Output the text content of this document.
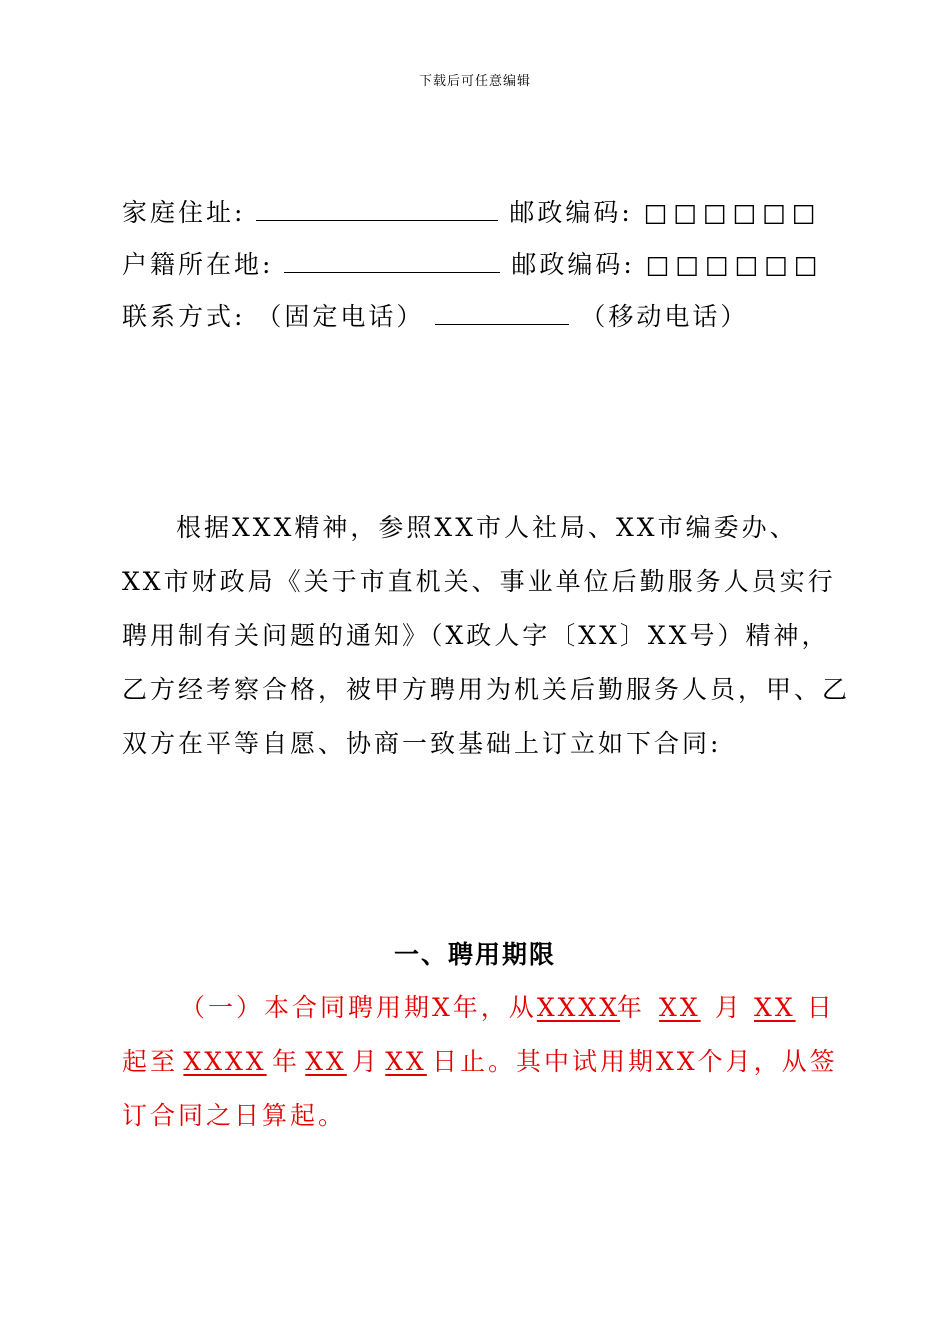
下载后可任意编辑
家庭住址:	邮政编码: □□□□□□
户籍所在地:	邮政编码: □□□□□□
联系方式: （固定电话）	（移动电话）
根据XXX精神，参照XX市人社局、XX市编委办、
XX市财政局《关于市直机关、事业单位后勤服务人员实行
聘用制有关问题的通知》（X政人字〔XX〕XX号）精神，
乙方经考察合格，被甲方聘用为机关后勤服务人员，甲、乙
双方在平等自愿、协商一致基础上订立如下合同:
一、聘用期限
（一）本合同聘用期X年，从XXXX年 XX 月 XX 日
起至 XXXX 年 XX 月 XX 日止。其中试用期XX个月，从签
订合同之日算起。
